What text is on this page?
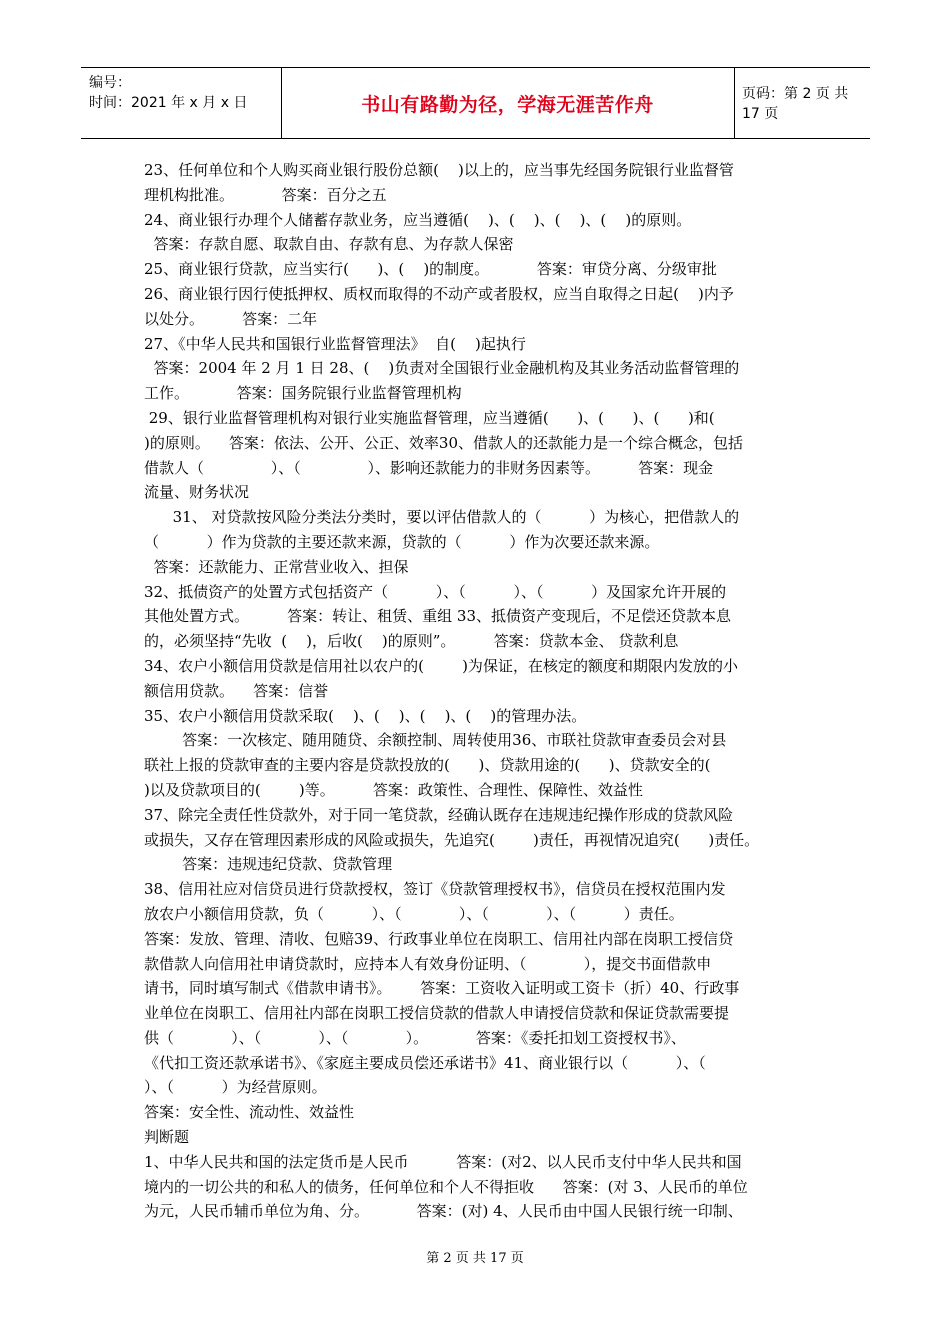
编号：
时间：2021 年 x 月 x 日	书山有路勤为径，学海无涯苦作舟	页码：第 2 页 共 17 页
23、任何单位和个人购买商业银行股份总额(    )以上的，应当事先经国务院银行业监督管
理机构批准。          答案：百分之五
24、商业银行办理个人储蓄存款业务，应当遵循(    )、(    )、(    )、(    )的原则。
答案：存款自愿、取款自由、存款有息、为存款人保密
25、商业银行贷款，应当实行(      )、(    )的制度。          答案：审贷分离、分级审批
26、商业银行因行使抵押权、质权而取得的不动产或者股权，应当自取得之日起(    )内予
以处分。        答案：二年
27、《中华人民共和国银行业监督管理法》  自(    )起执行
答案：2004 年 2 月 1 日 28、(    )负责对全国银行业金融机构及其业务活动监督管理的
工作。          答案：国务院银行业监督管理机构
29、银行业监督管理机构对银行业实施监督管理，应当遵循(      )、(      )、(      )和(
)的原则。    答案：依法、公开、公正、效率30、借款人的还款能力是一个综合概念，包括
借款人（              ）、（              ）、影响还款能力的非财务因素等。        答案：现金
流量、财务状况
31、 对贷款按风险分类法分类时，要以评估借款人的（          ）为核心，把借款人的
（          ）作为贷款的主要还款来源，贷款的（          ）作为次要还款来源。
答案：还款能力、正常营业收入、担保
32、抵债资产的处置方式包括资产（          ）、（          ）、（          ）及国家允许开展的
其他处置方式。        答案：转让、租赁、重组 33、抵债资产变现后，不足偿还贷款本息
的，必须坚持“先收  (    )，后收(    )的原则”。        答案：贷款本金、 贷款利息
34、农户小额信用贷款是信用社以农户的(        )为保证，在核定的额度和期限内发放的小
额信用贷款。    答案：信誉
35、农户小额信用贷款采取(    )、(    )、(    )、(    )的管理办法。
答案：一次核定、随用随贷、余额控制、周转使用36、市联社贷款审查委员会对县
联社上报的贷款审查的主要内容是贷款投放的(      )、贷款用途的(      )、贷款安全的(
)以及贷款项目的(        )等。        答案：政策性、合理性、保障性、效益性
37、除完全责任性贷款外，对于同一笔贷款，经确认既存在违规违纪操作形成的贷款风险
或损失，又存在管理因素形成的风险或损失，先追究(        )责任，再视情况追究(      )责任。
答案：违规违纪贷款、贷款管理
38、信用社应对信贷员进行贷款授权，签订《贷款管理授权书》，信贷员在授权范围内发
放农户小额信用贷款，负（          ）、（            ）、（            ）、（          ）责任。
答案：发放、管理、清收、包赔39、行政事业单位在岗职工、信用社内部在岗职工授信贷
款借款人向信用社申请贷款时，应持本人有效身份证明、（            ），提交书面借款申
请书，同时填写制式《借款申请书》。      答案：工资收入证明或工资卡（折）40、行政事
业单位在岗职工、信用社内部在岗职工授信贷款的借款人申请授信贷款和保证贷款需要提
供（            ）、（            ）、（            ）。          答案：《委托扣划工资授权书》、
《代扣工资还款承诺书》、《家庭主要成员偿还承诺书》41、商业银行以（          ）、（
）、（          ）为经营原则。
答案：安全性、流动性、效益性
判断题
1、中华人民共和国的法定货币是人民币          答案：(对2、以人民币支付中华人民共和国
境内的一切公共的和私人的债务，任何单位和个人不得拒收      答案：(对 3、人民币的单位
为元，人民币辅币单位为角、分。          答案：(对) 4、人民币由中国人民银行统一印制、
第 2 页 共 17 页
